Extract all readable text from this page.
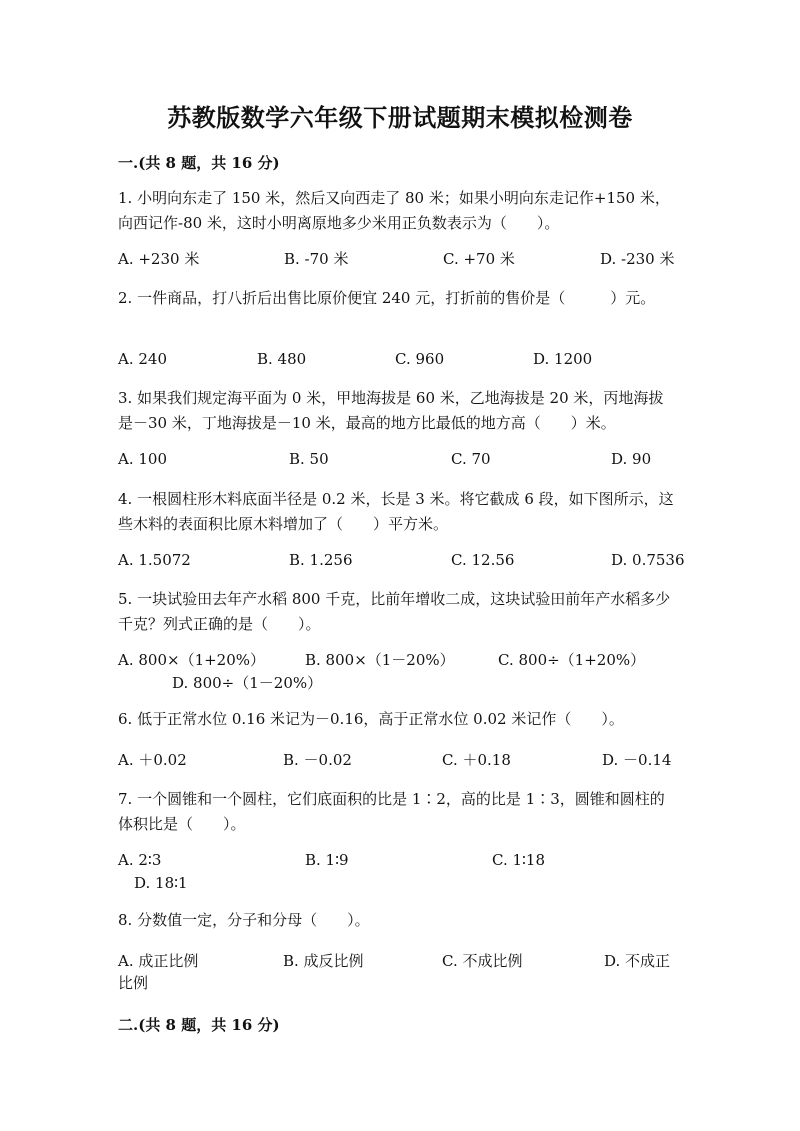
苏教版数学六年级下册试题期末模拟检测卷
一.(共 8 题，共 16 分)
1. 小明向东走了 150 米，然后又向西走了 80 米；如果小明向东走记作+150 米，向西记作-80 米，这时小明离原地多少米用正负数表示为（　　）。
A. +230 米	B. -70 米	C. +70 米	D. -230 米
2. 一件商品，打八折后出售比原价便宜 240 元，打折前的售价是（　　　）元。
A. 240	B. 480	C. 960	D. 1200
3. 如果我们规定海平面为 0 米，甲地海拔是 60 米，乙地海拔是 20 米，丙地海拔是－30 米，丁地海拔是－10 米，最高的地方比最低的地方高（　　）米。
A. 100	B. 50	C. 70	D. 90
4. 一根圆柱形木料底面半径是 0.2 米，长是 3 米。将它截成 6 段，如下图所示，这些木料的表面积比原木料增加了（　　）平方米。
A. 1.5072	B. 1.256	C. 12.56	D. 0.7536
5. 一块试验田去年产水稻 800 千克，比前年增收二成，这块试验田前年产水稻多少千克？列式正确的是（　　）。
A. 800×（1+20%）	B. 800×（1－20%）	C. 800÷（1+20%）
D. 800÷（1－20%）
6. 低于正常水位 0.16 米记为－0.16，高于正常水位 0.02 米记作（　　）。
A. ＋0.02	B. －0.02	C. ＋0.18	D. －0.14
7. 一个圆锥和一个圆柱，它们底面积的比是 1∶2，高的比是 1∶3，圆锥和圆柱的体积比是（　　）。
A. 2∶3	B. 1∶9	C. 1∶18
D. 18∶1
8. 分数值一定，分子和分母（　　）。
A. 成正比例	B. 成反比例	C. 不成比例	D. 不成正比例
二.(共 8 题，共 16 分)
